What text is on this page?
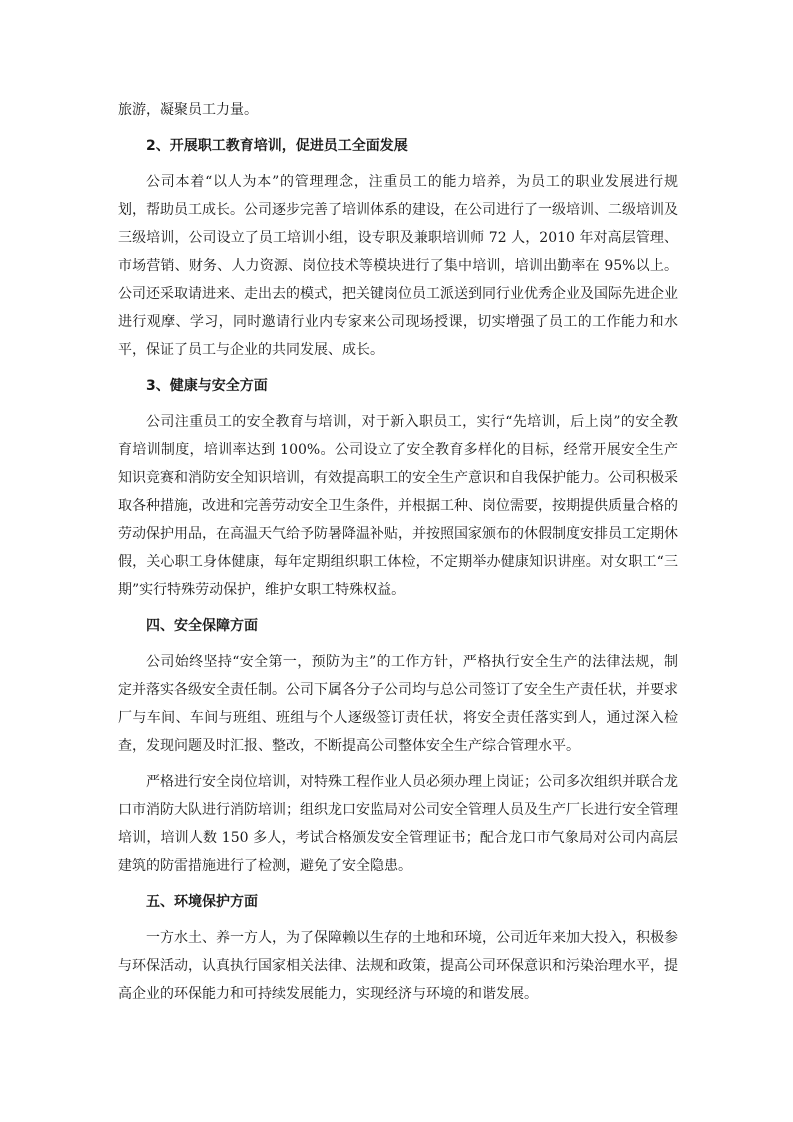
旅游，凝聚员工力量。

2、开展职工教育培训，促进员工全面发展

公司本着“以人为本”的管理理念，注重员工的能力培养，为员工的职业发展进行规划，帮助员工成长。公司逐步完善了培训体系的建设，在公司进行了一级培训、二级培训及三级培训，公司设立了员工培训小组，设专职及兼职培训师 72 人，2010 年对高层管理、市场营销、财务、人力资源、岗位技术等模块进行了集中培训，培训出勤率在 95%以上。公司还采取请进来、走出去的模式，把关键岗位员工派送到同行业优秀企业及国际先进企业进行观摩、学习，同时邀请行业内专家来公司现场授课，切实增强了员工的工作能力和水平，保证了员工与企业的共同发展、成长。

3、健康与安全方面

公司注重员工的安全教育与培训，对于新入职员工，实行“先培训，后上岗”的安全教育培训制度，培训率达到 100%。公司设立了安全教育多样化的目标，经常开展安全生产知识竞赛和消防安全知识培训，有效提高职工的安全生产意识和自我保护能力。公司积极采取各种措施，改进和完善劳动安全卫生条件，并根据工种、岗位需要，按期提供质量合格的劳动保护用品，在高温天气给予防暑降温补贴，并按照国家颁布的休假制度安排员工定期休假，关心职工身体健康，每年定期组织职工体检，不定期举办健康知识讲座。对女职工“三期”实行特殊劳动保护，维护女职工特殊权益。

四、安全保障方面

公司始终坚持“安全第一，预防为主”的工作方针，严格执行安全生产的法律法规，制定并落实各级安全责任制。公司下属各分子公司均与总公司签订了安全生产责任状，并要求厂与车间、车间与班组、班组与个人逐级签订责任状，将安全责任落实到人，通过深入检查，发现问题及时汇报、整改，不断提高公司整体安全生产综合管理水平。

严格进行安全岗位培训，对特殊工程作业人员必须办理上岗证；公司多次组织并联合龙口市消防大队进行消防培训；组织龙口安监局对公司安全管理人员及生产厂长进行安全管理培训，培训人数 150 多人，考试合格颁发安全管理证书；配合龙口市气象局对公司内高层建筑的防雷措施进行了检测，避免了安全隐患。

五、环境保护方面

一方水土、养一方人，为了保障赖以生存的土地和环境，公司近年来加大投入，积极参与环保活动，认真执行国家相关法律、法规和政策，提高公司环保意识和污染治理水平，提高企业的环保能力和可持续发展能力，实现经济与环境的和谐发展。
